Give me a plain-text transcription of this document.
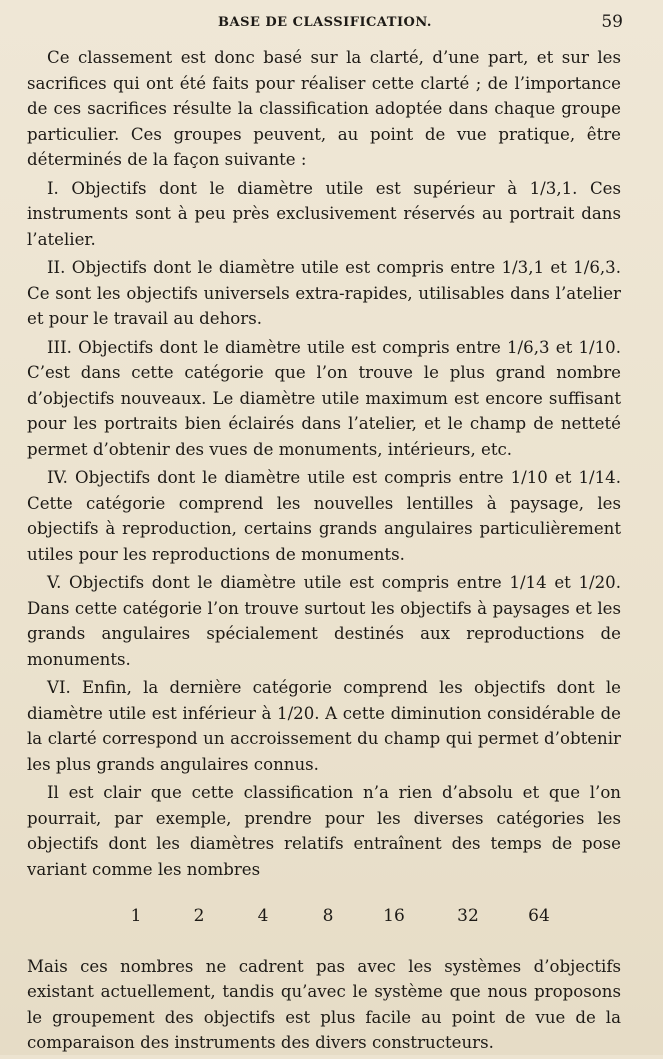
BASE DE CLASSIFICATION.	59

Ce classement est donc basé sur la clarté, d’une part, et sur les sacrifices qui ont été faits pour réaliser cette clarté ; de l’importance de ces sacrifices résulte la classification adoptée dans chaque groupe particulier. Ces groupes peuvent, au point de vue pratique, être déterminés de la façon suivante :

I. Objectifs dont le diamètre utile est supérieur à 1/3,1. Ces instruments sont à peu près exclusivement réservés au portrait dans l’atelier.

II. Objectifs dont le diamètre utile est compris entre 1/3,1 et 1/6,3. Ce sont les objectifs universels extra-rapides, utilisables dans l’atelier et pour le travail au dehors.

III. Objectifs dont le diamètre utile est compris entre 1/6,3 et 1/10. C’est dans cette catégorie que l’on trouve le plus grand nombre d’objectifs nouveaux. Le diamètre utile maximum est encore suffisant pour les portraits bien éclairés dans l’atelier, et le champ de netteté permet d’obtenir des vues de monuments, intérieurs, etc.

IV. Objectifs dont le diamètre utile est compris entre 1/10 et 1/14. Cette catégorie comprend les nouvelles lentilles à paysage, les objectifs à reproduction, certains grands angulaires particulièrement utiles pour les reproductions de monuments.

V. Objectifs dont le diamètre utile est compris entre 1/14 et 1/20. Dans cette catégorie l’on trouve surtout les objectifs à paysages et les grands angulaires spécialement destinés aux reproductions de monuments.

VI. Enfin, la dernière catégorie comprend les objectifs dont le diamètre utile est inférieur à 1/20. A cette diminution considérable de la clarté correspond un accroissement du champ qui permet d’obtenir les plus grands angulaires connus.

Il est clair que cette classification n’a rien d’absolu et que l’on pourrait, par exemple, prendre pour les diverses catégories les objectifs dont les diamètres relatifs entraînent des temps de pose variant comme les nombres

1	2	4	8	16	32	64

Mais ces nombres ne cadrent pas avec les systèmes d’objectifs existant actuellement, tandis qu’avec le système que nous proposons le groupement des objectifs est plus facile au point de vue de la comparaison des instruments des divers constructeurs.
